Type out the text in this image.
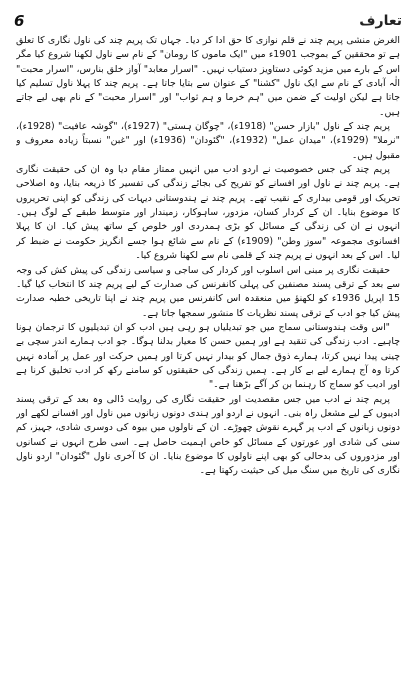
تعارف
6

الغرض منشی پریم چند نے قلم نوازی کا حق ادا کر دیا۔ جہاں تک پریم چند کی ناول نگاری کا تعلق ہے تو محققین کے بموجب 1901ء میں "ایک ماموں کا رومان" کے نام سے ناول لکھنا شروع کیا مگر اس کے بارے میں مزید کوئی دستاویز دستیاب نہیں۔ "اسرار معابد" آواز خلق بنارس، "اسرار محبت" الٰہ آبادی کے نام سے ایک ناول "کشنا" کے عنوان سے بتایا جاتا ہے۔ پریم چند کا پہلا ناول تسلیم کیا جاتا ہے لیکن اولیت کے ضمن میں "ہم خرما و ہم ثواب" اور "اسرار محبت" کے نام بھی لیے جاتے ہیں۔

پریم چند کے ناول "بازار حسن" (1918ء)، "چوگان ہستی" (1927ء)، "گوشہ عافیت" (1928ء)، "نرملا" (1929ء)، "میدان عمل" (1932ء)، "گئودان" (1936ء) اور "غبن" نسبتاً زیادہ معروف و مقبول ہیں۔

پریم چند کی جس خصوصیت نے اردو ادب میں انہیں ممتاز مقام دیا وہ ان کی حقیقت نگاری ہے۔ پریم چند نے ناول اور افسانے کو تفریح کی بجائے زندگی کی تفسیر کا ذریعہ بنایا، وہ اصلاحی تحریک اور قومی بیداری کے نقیب تھے۔ پریم چند نے ہندوستانی دیہات کی زندگی کو اپنی تحریروں کا موضوع بنایا۔ ان کے کردار کسان، مزدور، ساہوکار، زمیندار اور متوسط طبقے کے لوگ ہیں۔ انہوں نے ان کی زندگی کے مسائل کو بڑی ہمدردی اور خلوص کے ساتھ پیش کیا۔ ان کا پہلا افسانوی مجموعہ "سوز وطن" (1909ء) کے نام سے شائع ہوا جسے انگریز حکومت نے ضبط کر لیا۔ اس کے بعد انہوں نے پریم چند کے قلمی نام سے لکھنا شروع کیا۔

حقیقت نگاری پر مبنی اس اسلوب اور کردار کی ساجی و سیاسی زندگی کی پیش کش کی وجہ سے بعد کے ترقی پسند مصنفین کی پہلی کانفرنس کی صدارت کے لیے پریم چند کا انتخاب کیا گیا۔ 15 اپریل 1936ء کو لکھنؤ میں منعقدہ اس کانفرنس میں پریم چند نے اپنا تاریخی خطبہ صدارت پیش کیا جو ادب کے ترقی پسند نظریات کا منشور سمجھا جاتا ہے۔

"اس وقت ہندوستانی سماج میں جو تبدیلیاں ہو رہی ہیں ادب کو ان تبدیلیوں کا ترجمان ہونا چاہیے۔ ادب زندگی کی تنقید ہے اور ہمیں حسن کا معیار بدلنا ہوگا۔ جو ادب ہمارے اندر سچی بے چینی پیدا نہیں کرتا، ہمارے ذوق جمال کو بیدار نہیں کرتا اور ہمیں حرکت اور عمل پر آمادہ نہیں کرتا وہ آج ہمارے لیے بے کار ہے۔ ہمیں زندگی کی حقیقتوں کو سامنے رکھ کر ادب تخلیق کرنا ہے اور ادیب کو سماج کا رہنما بن کر آگے بڑھنا ہے۔"

پریم چند نے ادب میں جس مقصدیت اور حقیقت نگاری کی روایت ڈالی وہ بعد کے ترقی پسند ادیبوں کے لیے مشعل راہ بنی۔ انہوں نے اردو اور ہندی دونوں زبانوں میں ناول اور افسانے لکھے اور دونوں زبانوں کے ادب پر گہرے نقوش چھوڑے۔ ان کے ناولوں میں بیوہ کی دوسری شادی، جہیز، کم سنی کی شادی اور عورتوں کے مسائل کو خاص اہمیت حاصل ہے۔ اسی طرح انہوں نے کسانوں اور مزدوروں کی بدحالی کو بھی اپنے ناولوں کا موضوع بنایا۔ ان کا آخری ناول "گئودان" اردو ناول نگاری کی تاریخ میں سنگ میل کی حیثیت رکھتا ہے۔
